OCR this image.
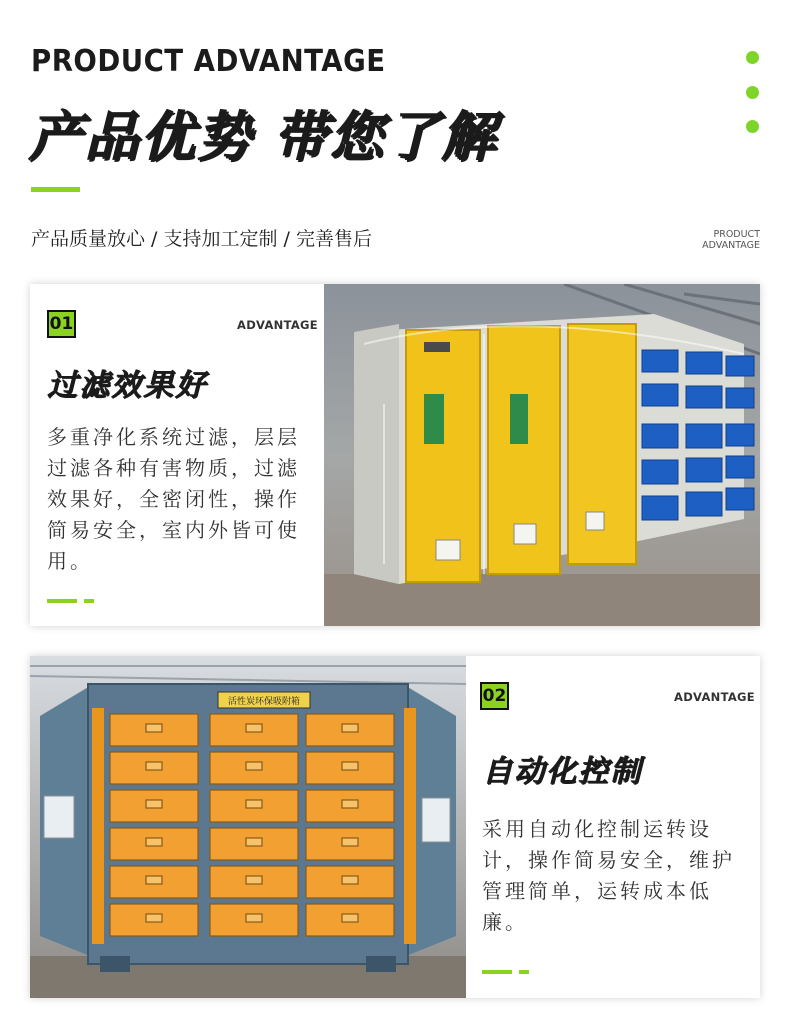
PRODUCT ADVANTAGE
产品优势 带您了解
产品质量放心 / 支持加工定制 / 完善售后	PRODUCT
ADVANTAGE
01	ADVANTAGE
过滤效果好
多重净化系统过滤，层层过滤各种有害物质，过滤效果好，全密闭性，操作简易安全，室内外皆可使用。
活性炭环保吸附箱	02	ADVANTAGE
自动化控制
采用自动化控制运转设计，操作简易安全，维护管理简单，运转成本低廉。
